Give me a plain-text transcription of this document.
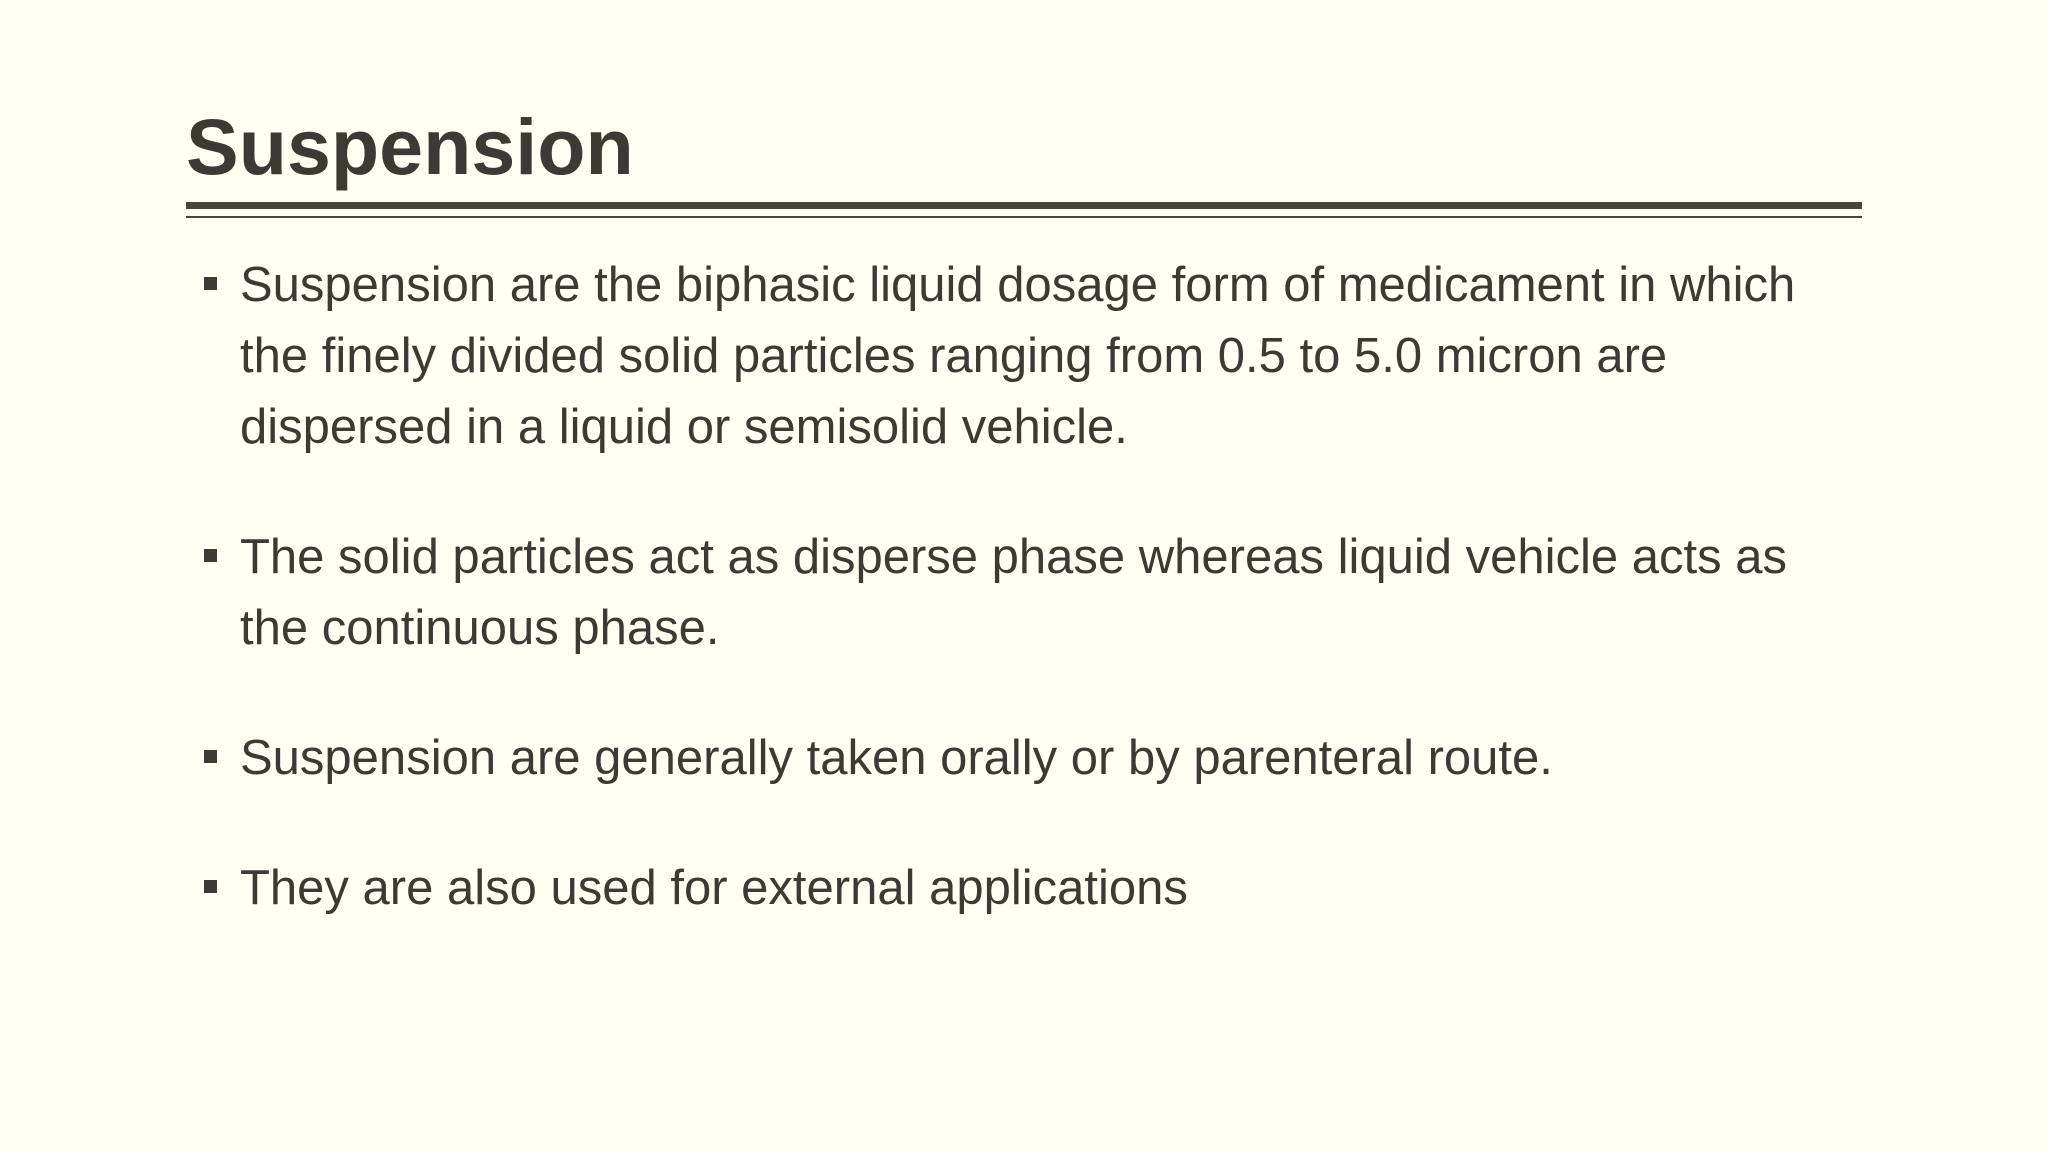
Suspension
Suspension are the biphasic liquid dosage form of medicament in which the finely divided solid particles ranging from 0.5 to 5.0 micron are dispersed in a liquid or semisolid vehicle.
The solid particles act as disperse phase whereas liquid vehicle acts as the continuous phase.
Suspension are generally taken orally or by parenteral route.
They are also used for external applications
